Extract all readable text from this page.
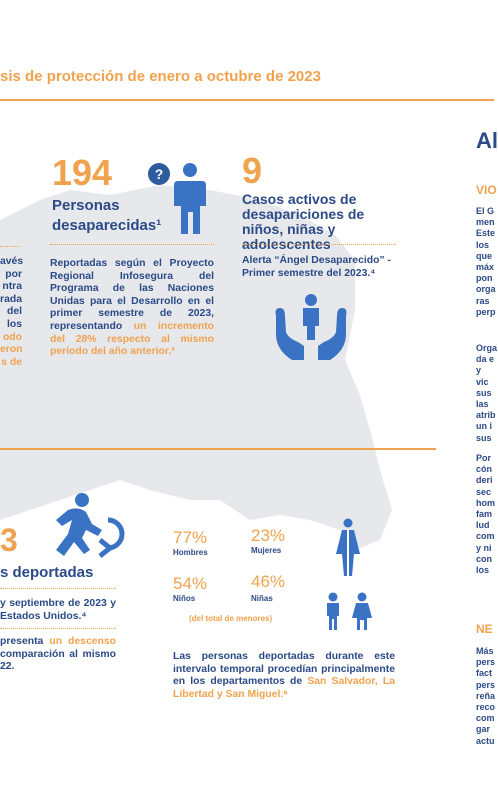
sis de protección de enero a octubre de 2023
avés
por
ntra
rada
del
los
odo
eron
s de
194
Personas
desaparecidas¹
?
Reportadas según el Proyecto Regional Infosegura del Programa de las Naciones Unidas para el Desarrollo en el primer semestre de 2023, representando un incremento del 28% respecto al mismo período del año anterior.³
9
Casos activos de desapariciones de niños, niñas y adolescentes
Alerta “Ángel Desaparecido” - Primer semestre del 2023.⁴
3
s deportadas
y septiembre de 2023 y Estados Unidos.⁴
presenta un descenso comparación al mismo 22.
77%
Hombres
23%
Mujeres
54%
Niños
46%
Niñas
(del total de menores)
Las personas deportadas durante este intervalo temporal procedían principalmente en los departamentos de San Salvador, La Libertad y San Miguel.⁶
Al
VIO
El G
men
Este
los
que
máx
pon
orga
ras
perp
Orga
da e
y vic
sus
las
atrib
un i
sus
Por
cón
deri
sec
hom
fam
lud
com
y ni
con
los
NE
Más
pers
fact
pers
reña
reco
com
gar
actu
